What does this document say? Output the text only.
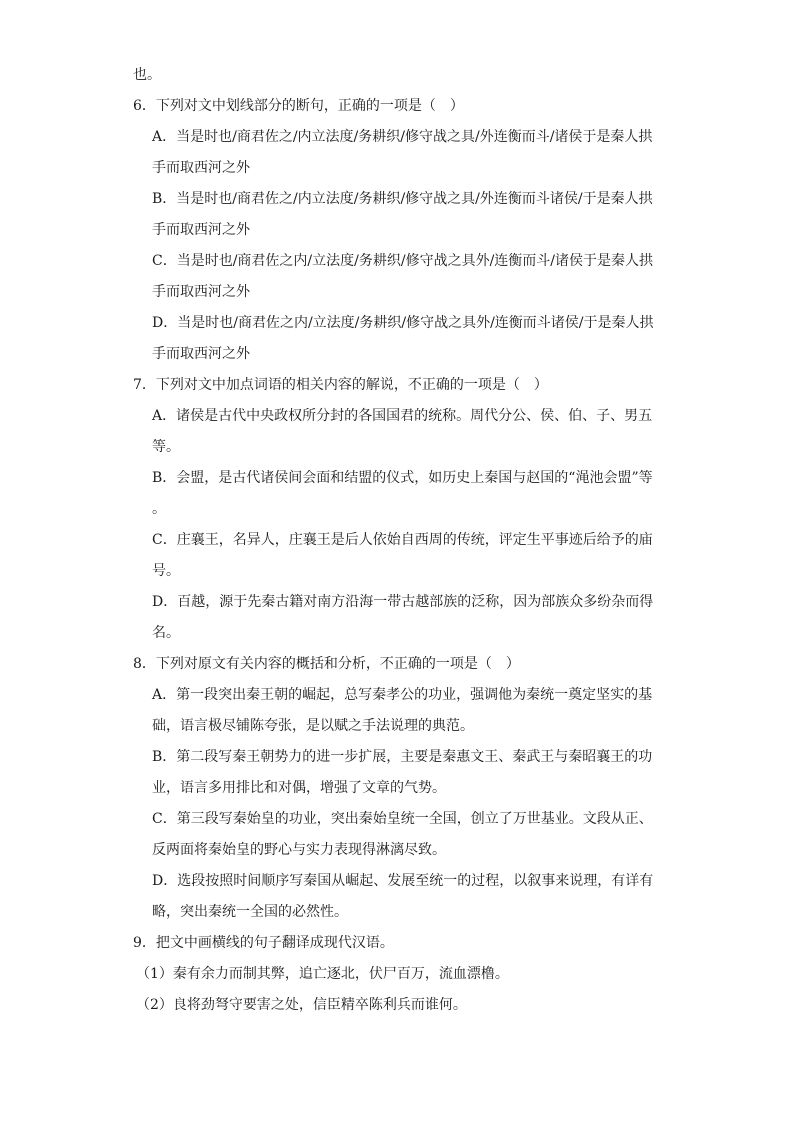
也。
6．下列对文中划线部分的断句，正确的一项是（　）
A．当是时也/商君佐之/内立法度/务耕织/修守战之具/外连衡而斗/诸侯于是秦人拱
手而取西河之外
B．当是时也/商君佐之/内立法度/务耕织/修守战之具/外连衡而斗诸侯/于是秦人拱
手而取西河之外
C．当是时也/商君佐之内/立法度/务耕织/修守战之具外/连衡而斗/诸侯于是秦人拱
手而取西河之外
D．当是时也/商君佐之内/立法度/务耕织/修守战之具外/连衡而斗诸侯/于是秦人拱
手而取西河之外
7．下列对文中加点词语的相关内容的解说，不正确的一项是（　）
A．诸侯是古代中央政权所分封的各国国君的统称。周代分公、侯、伯、子、男五
等。
B．会盟，是古代诸侯间会面和结盟的仪式，如历史上秦国与赵国的“渑池会盟”等
。
C．庄襄王，名异人，庄襄王是后人依始自西周的传统，评定生平事迹后给予的庙
号。
D．百越，源于先秦古籍对南方沿海一带古越部族的泛称，因为部族众多纷杂而得
名。
8．下列对原文有关内容的概括和分析，不正确的一项是（　）
A．第一段突出秦王朝的崛起，总写秦孝公的功业，强调他为秦统一奠定坚实的基
础，语言极尽铺陈夸张，是以赋之手法说理的典范。
B．第二段写秦王朝势力的进一步扩展，主要是秦惠文王、秦武王与秦昭襄王的功
业，语言多用排比和对偶，增强了文章的气势。
C．第三段写秦始皇的功业，突出秦始皇统一全国，创立了万世基业。文段从正、
反两面将秦始皇的野心与实力表现得淋漓尽致。
D．选段按照时间顺序写秦国从崛起、发展至统一的过程，以叙事来说理，有详有
略，突出秦统一全国的必然性。
9．把文中画横线的句子翻译成现代汉语。
（1）秦有余力而制其弊，追亡逐北，伏尸百万，流血漂橹。
（2）良将劲弩守要害之处，信臣精卒陈利兵而谁何。
